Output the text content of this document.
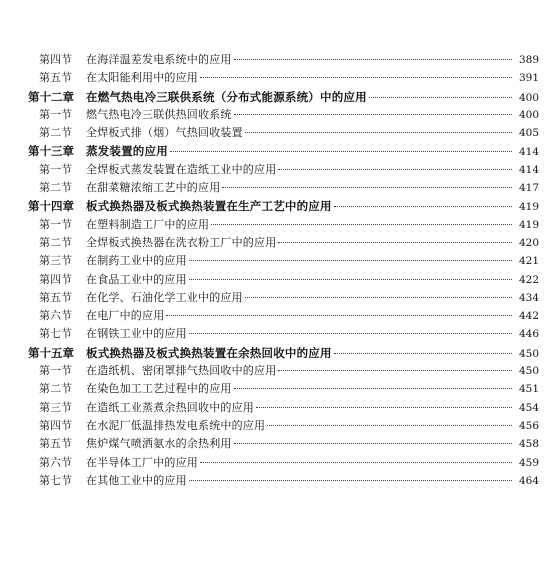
第四节 在海洋温差发电系统中的应用	389
第五节 在太阳能利用中的应用	391
第十二章 在燃气热电冷三联供系统（分布式能源系统）中的应用	400
第一节 燃气热电冷三联供热回收系统	400
第二节 全焊板式排（烟）气热回收装置	405
第十三章 蒸发装置的应用	414
第一节 全焊板式蒸发装置在造纸工业中的应用	414
第二节 在甜菜糖浓缩工艺中的应用	417
第十四章 板式换热器及板式换热装置在生产工艺中的应用	419
第一节 在塑料制造工厂中的应用	419
第二节 全焊板式换热器在洗衣粉工厂中的应用	420
第三节 在制药工业中的应用	421
第四节 在食品工业中的应用	422
第五节 在化学、石油化学工业中的应用	434
第六节 在电厂中的应用	442
第七节 在钢铁工业中的应用	446
第十五章 板式换热器及板式换热装置在余热回收中的应用	450
第一节 在造纸机、密闭罩排气热回收中的应用	450
第二节 在染色加工工艺过程中的应用	451
第三节 在造纸工业蒸煮余热回收中的应用	454
第四节 在水泥厂低温排热发电系统中的应用	456
第五节 焦炉煤气喷洒氨水的余热利用	458
第六节 在半导体工厂中的应用	459
第七节 在其他工业中的应用	464
